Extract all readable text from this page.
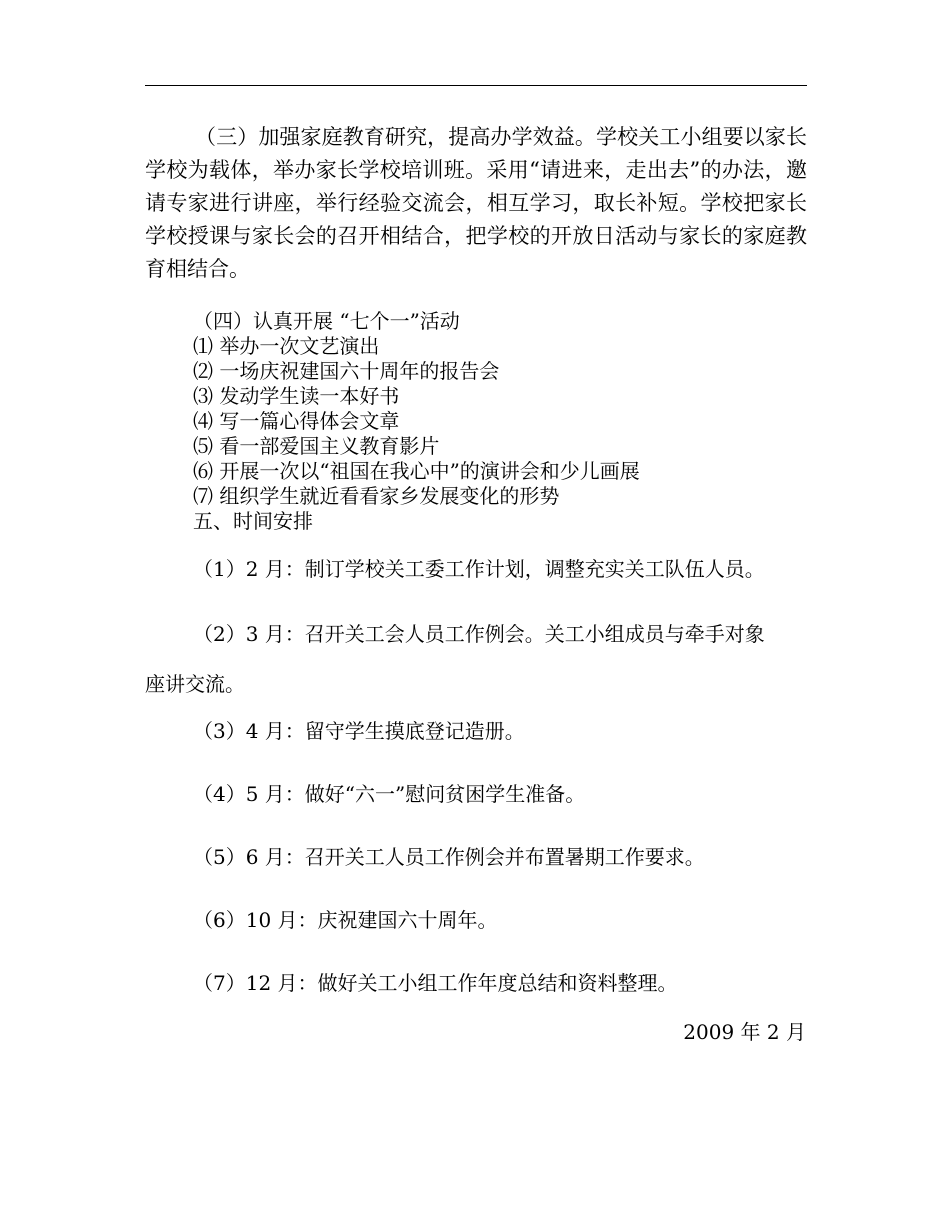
（三）加强家庭教育研究，提高办学效益。学校关工小组要以家长学校为载体，举办家长学校培训班。采用“请进来，走出去”的办法，邀请专家进行讲座，举行经验交流会，相互学习，取长补短。学校把家长学校授课与家长会的召开相结合，把学校的开放日活动与家长的家庭教育相结合。

（四）认真开展 “七个一”活动
⑴ 举办一次文艺演出
⑵ 一场庆祝建国六十周年的报告会
⑶ 发动学生读一本好书
⑷ 写一篇心得体会文章
⑸ 看一部爱国主义教育影片
⑹ 开展一次以“祖国在我心中”的演讲会和少儿画展
⑺ 组织学生就近看看家乡发展变化的形势
五、时间安排
（1）2 月：制订学校关工委工作计划，调整充实关工队伍人员。
（2）3 月：召开关工会人员工作例会。关工小组成员与牵手对象
座讲交流。
（3）4 月：留守学生摸底登记造册。
（4）5 月：做好“六一”慰问贫困学生准备。
（5）6 月：召开关工人员工作例会并布置暑期工作要求。
（6）10 月：庆祝建国六十周年。
（7）12 月：做好关工小组工作年度总结和资料整理。
2009 年 2 月
